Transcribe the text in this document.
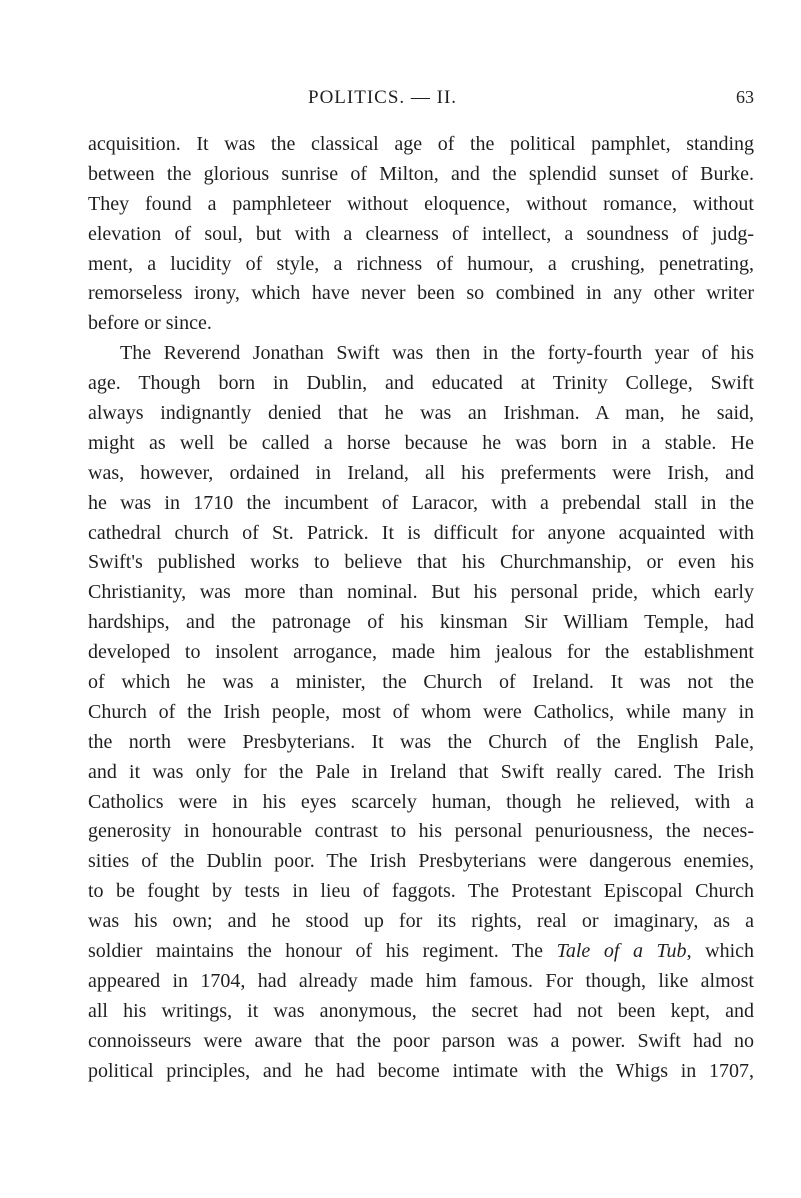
POLITICS. — II.	63
acquisition. It was the classical age of the political pamphlet, standing
between the glorious sunrise of Milton, and the splendid sunset of Burke.
They found a pamphleteer without eloquence, without romance, without
elevation of soul, but with a clearness of intellect, a soundness of judg-
ment, a lucidity of style, a richness of humour, a crushing, penetrating,
remorseless irony, which have never been so combined in any other writer
before or since.
The Reverend Jonathan Swift was then in the forty-fourth year of his
age. Though born in Dublin, and educated at Trinity College, Swift
always indignantly denied that he was an Irishman. A man, he said,
might as well be called a horse because he was born in a stable. He
was, however, ordained in Ireland, all his preferments were Irish, and
he was in 1710 the incumbent of Laracor, with a prebendal stall in the
cathedral church of St. Patrick. It is difficult for anyone acquainted with
Swift's published works to believe that his Churchmanship, or even his
Christianity, was more than nominal. But his personal pride, which early
hardships, and the patronage of his kinsman Sir William Temple, had
developed to insolent arrogance, made him jealous for the establishment
of which he was a minister, the Church of Ireland. It was not the
Church of the Irish people, most of whom were Catholics, while many in
the north were Presbyterians. It was the Church of the English Pale,
and it was only for the Pale in Ireland that Swift really cared. The Irish
Catholics were in his eyes scarcely human, though he relieved, with a
generosity in honourable contrast to his personal penuriousness, the neces-
sities of the Dublin poor. The Irish Presbyterians were dangerous enemies,
to be fought by tests in lieu of faggots. The Protestant Episcopal Church
was his own; and he stood up for its rights, real or imaginary, as a
soldier maintains the honour of his regiment. The Tale of a Tub, which
appeared in 1704, had already made him famous. For though, like almost
all his writings, it was anonymous, the secret had not been kept, and
connoisseurs were aware that the poor parson was a power. Swift had no
political principles, and he had become intimate with the Whigs in 1707,
